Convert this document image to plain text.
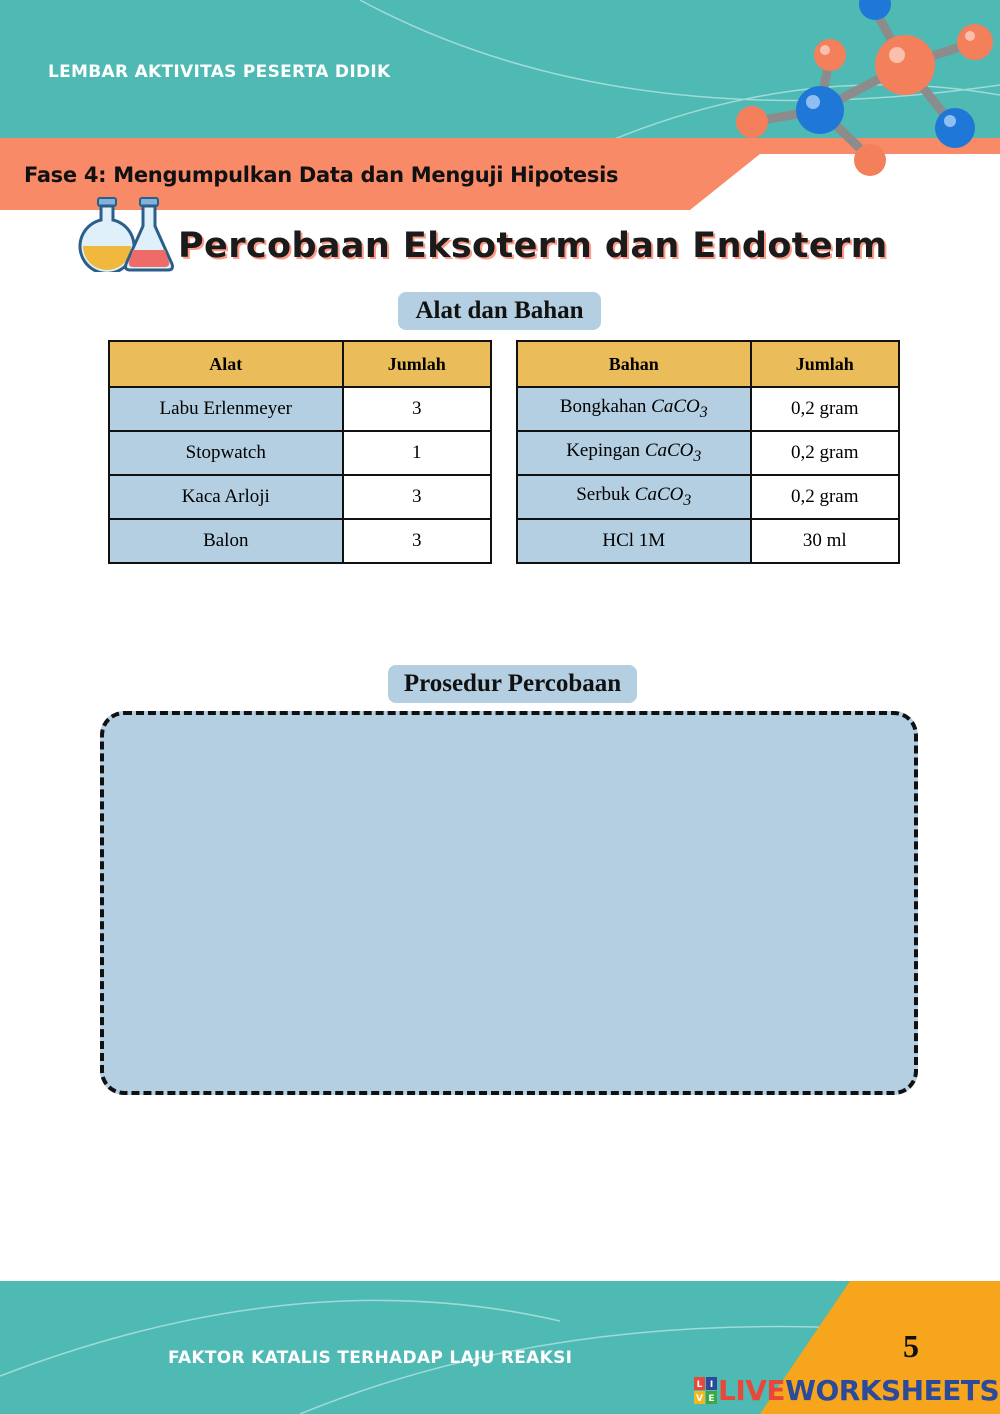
LEMBAR AKTIVITAS PESERTA DIDIK
Fase 4: Mengumpulkan Data dan Menguji Hipotesis
Percobaan Eksoterm dan Endoterm
Alat dan Bahan
Alat	Jumlah
Labu Erlenmeyer	3
Stopwatch	1
Kaca Arloji	3
Balon	3
Bahan	Jumlah
Bongkahan CaCO$_3$	0,2 gram
Kepingan CaCO$_3$	0,2 gram
Serbuk CaCO$_3$	0,2 gram
HCl 1M	30 ml
Prosedur Percobaan
FAKTOR KATALIS TERHADAP LAJU REAKSI	5
L I
V E LIVE WORKSHEETS
